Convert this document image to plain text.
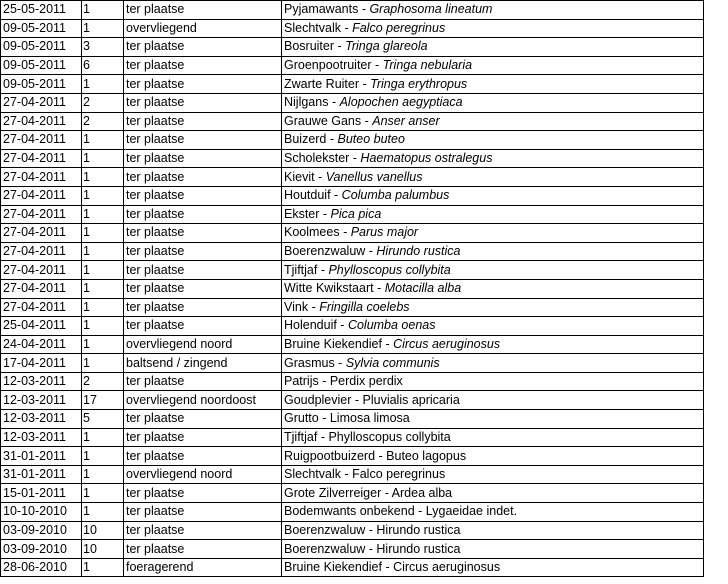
25-05-2011	1	ter plaatse	Pyjamawants - Graphosoma lineatum
09-05-2011	1	overvliegend	Slechtvalk - Falco peregrinus
09-05-2011	3	ter plaatse	Bosruiter - Tringa glareola
09-05-2011	6	ter plaatse	Groenpootruiter - Tringa nebularia
09-05-2011	1	ter plaatse	Zwarte Ruiter - Tringa erythropus
27-04-2011	2	ter plaatse	Nijlgans - Alopochen aegyptiaca
27-04-2011	2	ter plaatse	Grauwe Gans - Anser anser
27-04-2011	1	ter plaatse	Buizerd - Buteo buteo
27-04-2011	1	ter plaatse	Scholekster - Haematopus ostralegus
27-04-2011	1	ter plaatse	Kievit - Vanellus vanellus
27-04-2011	1	ter plaatse	Houtduif - Columba palumbus
27-04-2011	1	ter plaatse	Ekster - Pica pica
27-04-2011	1	ter plaatse	Koolmees - Parus major
27-04-2011	1	ter plaatse	Boerenzwaluw - Hirundo rustica
27-04-2011	1	ter plaatse	Tjiftjaf - Phylloscopus collybita
27-04-2011	1	ter plaatse	Witte Kwikstaart - Motacilla alba
27-04-2011	1	ter plaatse	Vink - Fringilla coelebs
25-04-2011	1	ter plaatse	Holenduif - Columba oenas
24-04-2011	1	overvliegend noord	Bruine Kiekendief - Circus aeruginosus
17-04-2011	1	baltsend / zingend	Grasmus - Sylvia communis
12-03-2011	2	ter plaatse	Patrijs - Perdix perdix
12-03-2011	17	overvliegend noordoost	Goudplevier - Pluvialis apricaria
12-03-2011	5	ter plaatse	Grutto - Limosa limosa
12-03-2011	1	ter plaatse	Tjiftjaf - Phylloscopus collybita
31-01-2011	1	ter plaatse	Ruigpootbuizerd - Buteo lagopus
31-01-2011	1	overvliegend noord	Slechtvalk - Falco peregrinus
15-01-2011	1	ter plaatse	Grote Zilverreiger - Ardea alba
10-10-2010	1	ter plaatse	Bodemwants onbekend - Lygaeidae indet.
03-09-2010	10	ter plaatse	Boerenzwaluw - Hirundo rustica
03-09-2010	10	ter plaatse	Boerenzwaluw - Hirundo rustica
28-06-2010	1	foeragerend	Bruine Kiekendief - Circus aeruginosus
